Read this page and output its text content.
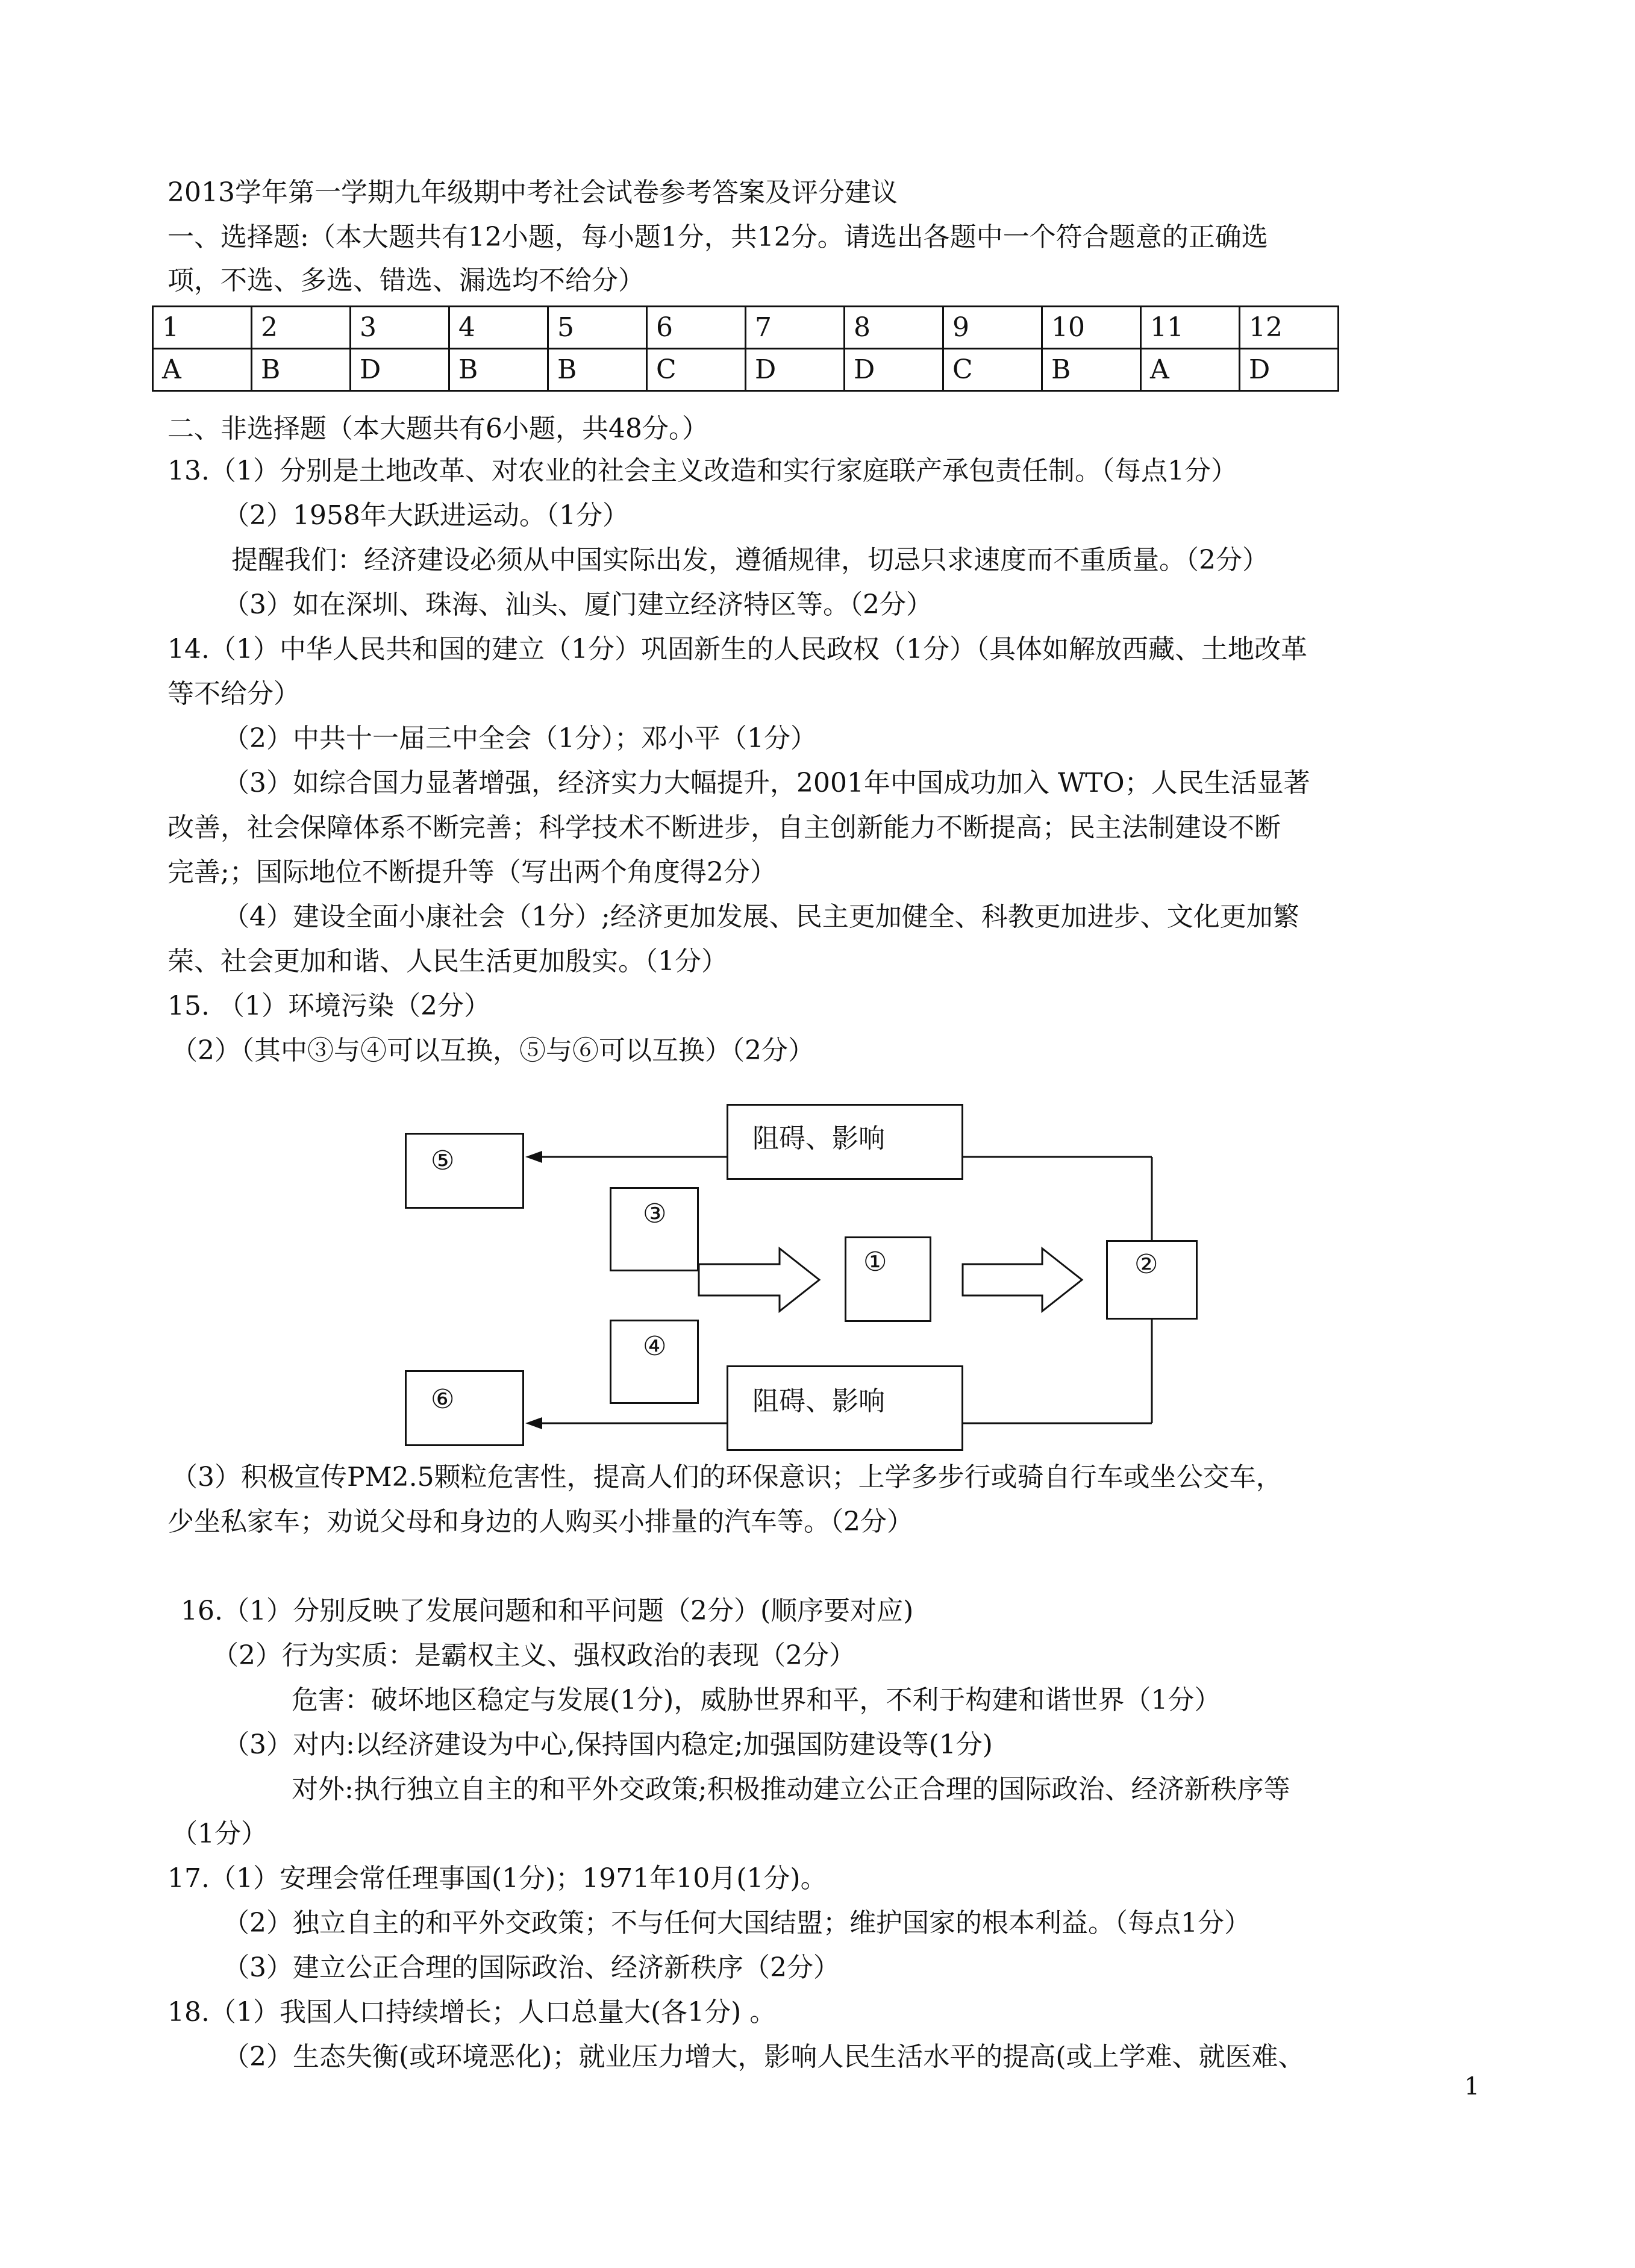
2013学年第一学期九年级期中考社会试卷参考答案及评分建议
一、选择题:（本大题共有12小题，每小题1分，共12分。请选出各题中一个符合题意的正确选
项，不选、多选、错选、漏选均不给分）
1	2	3	4	5	6	7	8	9	10	11	12
A	B	D	B	B	C	D	D	C	B	A	D
二、非选择题（本大题共有6小题，共48分。）
13.（1）分别是土地改革、对农业的社会主义改造和实行家庭联产承包责任制。（每点1分）
（2）1958年大跃进运动。（1分）
提醒我们：经济建设必须从中国实际出发，遵循规律，切忌只求速度而不重质量。（2分）
（3）如在深圳、珠海、汕头、厦门建立经济特区等。（2分）
14.（1）中华人民共和国的建立（1分）巩固新生的人民政权（1分）（具体如解放西藏、土地改革
等不给分）
（2）中共十一届三中全会（1分）；邓小平（1分）
（3）如综合国力显著增强，经济实力大幅提升，2001年中国成功加入 WTO；人民生活显著
改善，社会保障体系不断完善；科学技术不断进步，自主创新能力不断提高；民主法制建设不断
完善;；国际地位不断提升等（写出两个角度得2分）
（4）建设全面小康社会（1分）;经济更加发展、民主更加健全、科教更加进步、文化更加繁
荣、社会更加和谐、人民生活更加殷实。（1分）
15. （1）环境污染（2分）
（2）（其中③与④可以互换，⑤与⑥可以互换）（2分）
阻碍、影响
阻碍、影响
⑤
⑥
③
④
①	②
（3）积极宣传PM2.5颗粒危害性，提高人们的环保意识；上学多步行或骑自行车或坐公交车，
少坐私家车；劝说父母和身边的人购买小排量的汽车等。（2分）
16.（1）分别反映了发展问题和和平问题（2分）(顺序要对应)
（2）行为实质：是霸权主义、强权政治的表现（2分）
危害：破坏地区稳定与发展(1分)，威胁世界和平，不利于构建和谐世界（1分）
（3）对内:以经济建设为中心,保持国内稳定;加强国防建设等(1分)
对外:执行独立自主的和平外交政策;积极推动建立公正合理的国际政治、经济新秩序等
（1分）
17.（1）安理会常任理事国(1分)；1971年10月(1分)。
（2）独立自主的和平外交政策；不与任何大国结盟；维护国家的根本利益。（每点1分）
（3）建立公正合理的国际政治、经济新秩序（2分）
18.（1）我国人口持续增长；人口总量大(各1分) 。
（2）生态失衡(或环境恶化)；就业压力增大，影响人民生活水平的提高(或上学难、就医难、
1
